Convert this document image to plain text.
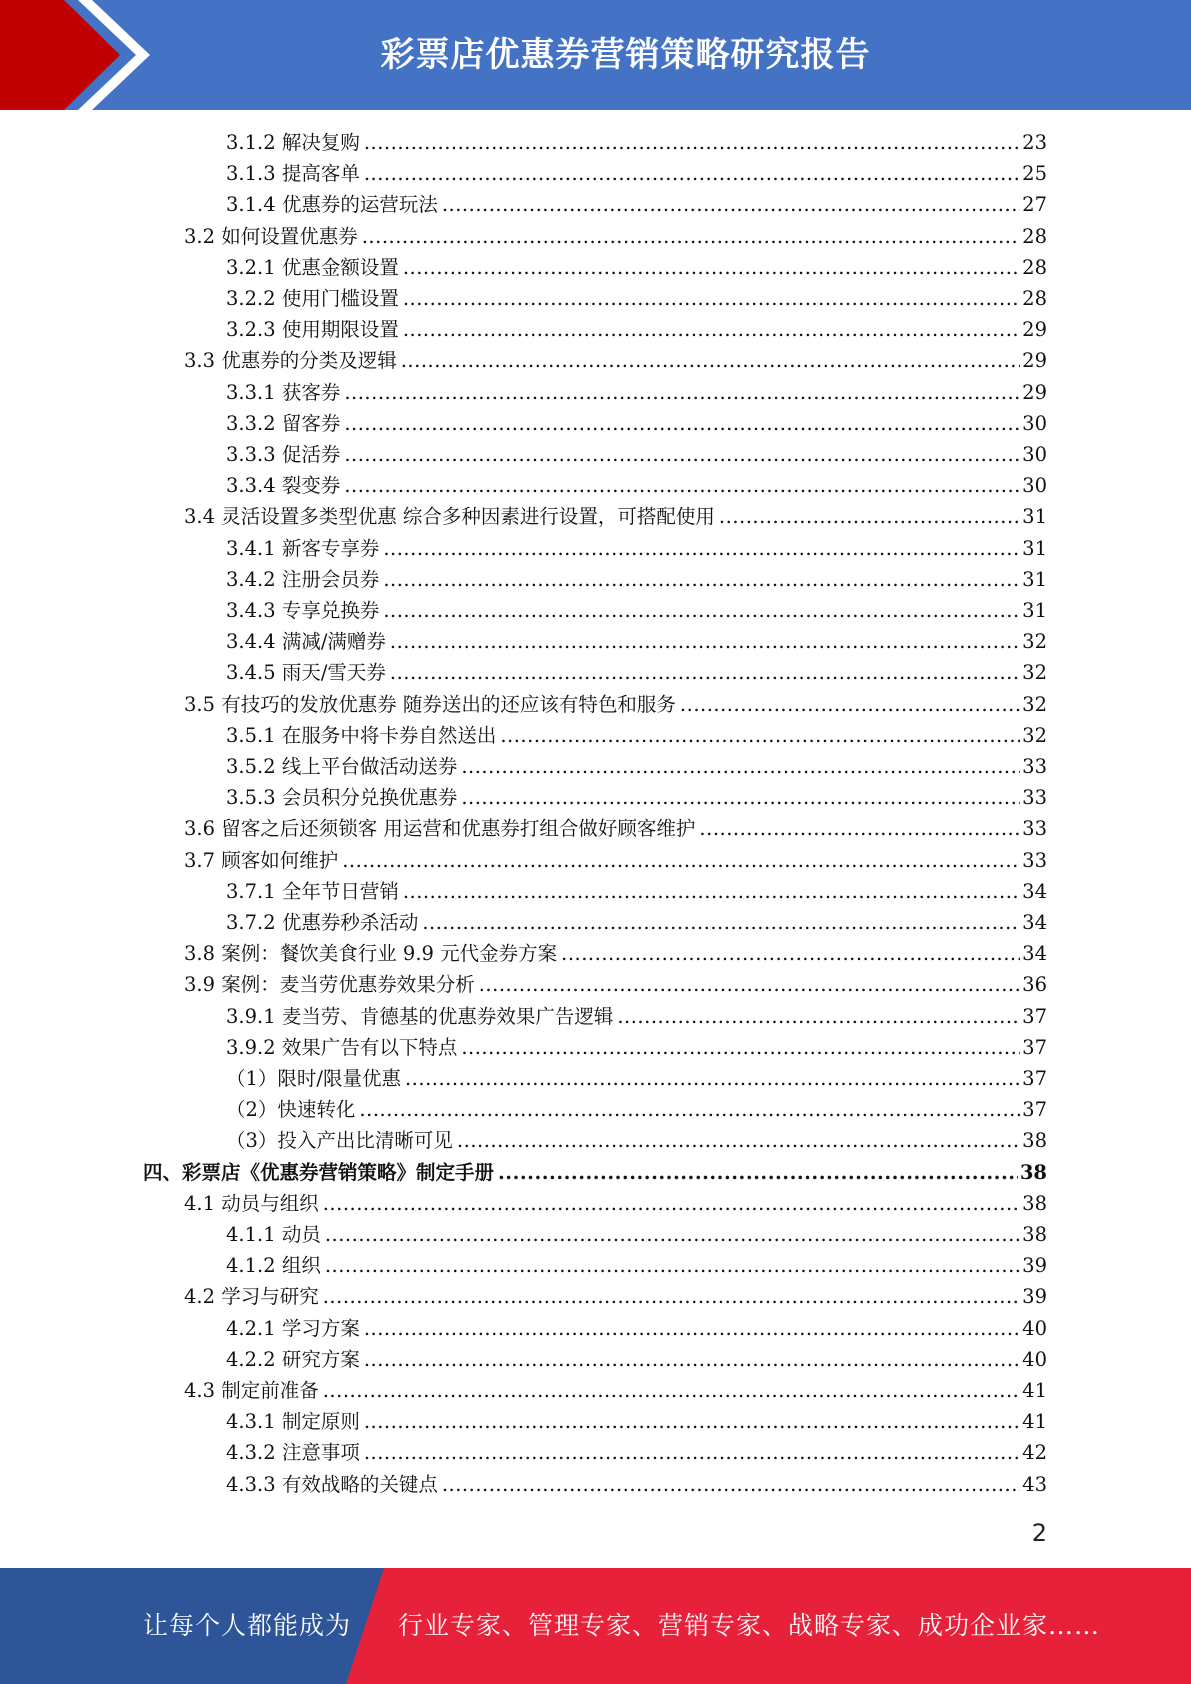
彩票店优惠券营销策略研究报告
3.1.2 解决复购 .....	23
3.1.3 提高客单 .....	25
3.1.4 优惠券的运营玩法 .....	27
3.2 如何设置优惠券 .....	28
3.2.1 优惠金额设置 .....	28
3.2.2 使用门槛设置 .....	28
3.2.3 使用期限设置 .....	29
3.3 优惠券的分类及逻辑 .....	29
3.3.1 获客券 .....	29
3.3.2 留客券 .....	30
3.3.3 促活券 .....	30
3.3.4 裂变券 .....	30
3.4 灵活设置多类型优惠 综合多种因素进行设置，可搭配使用 .....	31
3.4.1 新客专享券 .....	31
3.4.2 注册会员券 .....	31
3.4.3 专享兑换券 .....	31
3.4.4 满减/满赠券 .....	32
3.4.5 雨天/雪天券 .....	32
3.5 有技巧的发放优惠券 随券送出的还应该有特色和服务 .....	32
3.5.1 在服务中将卡券自然送出 .....	32
3.5.2 线上平台做活动送券 .....	33
3.5.3 会员积分兑换优惠券 .....	33
3.6 留客之后还须锁客 用运营和优惠券打组合做好顾客维护 .....	33
3.7 顾客如何维护 .....	33
3.7.1 全年节日营销 .....	34
3.7.2 优惠券秒杀活动 .....	34
3.8 案例：餐饮美食行业 9.9 元代金券方案 .....	34
3.9 案例：麦当劳优惠券效果分析 .....	36
3.9.1 麦当劳、肯德基的优惠券效果广告逻辑 .....	37
3.9.2 效果广告有以下特点 .....	37
（1）限时/限量优惠 .....	37
（2）快速转化 .....	37
（3）投入产出比清晰可见 .....	38
四、彩票店《优惠券营销策略》制定手册 .....	38
4.1 动员与组织 .....	38
4.1.1 动员 .....	38
4.1.2 组织 .....	39
4.2 学习与研究 .....	39
4.2.1 学习方案 .....	40
4.2.2 研究方案 .....	40
4.3 制定前准备 .....	41
4.3.1 制定原则 .....	41
4.3.2 注意事项 .....	42
4.3.3 有效战略的关键点 .....	43
2
让每个人都能成为 行业专家、管理专家、营销专家、战略专家、成功企业家……
